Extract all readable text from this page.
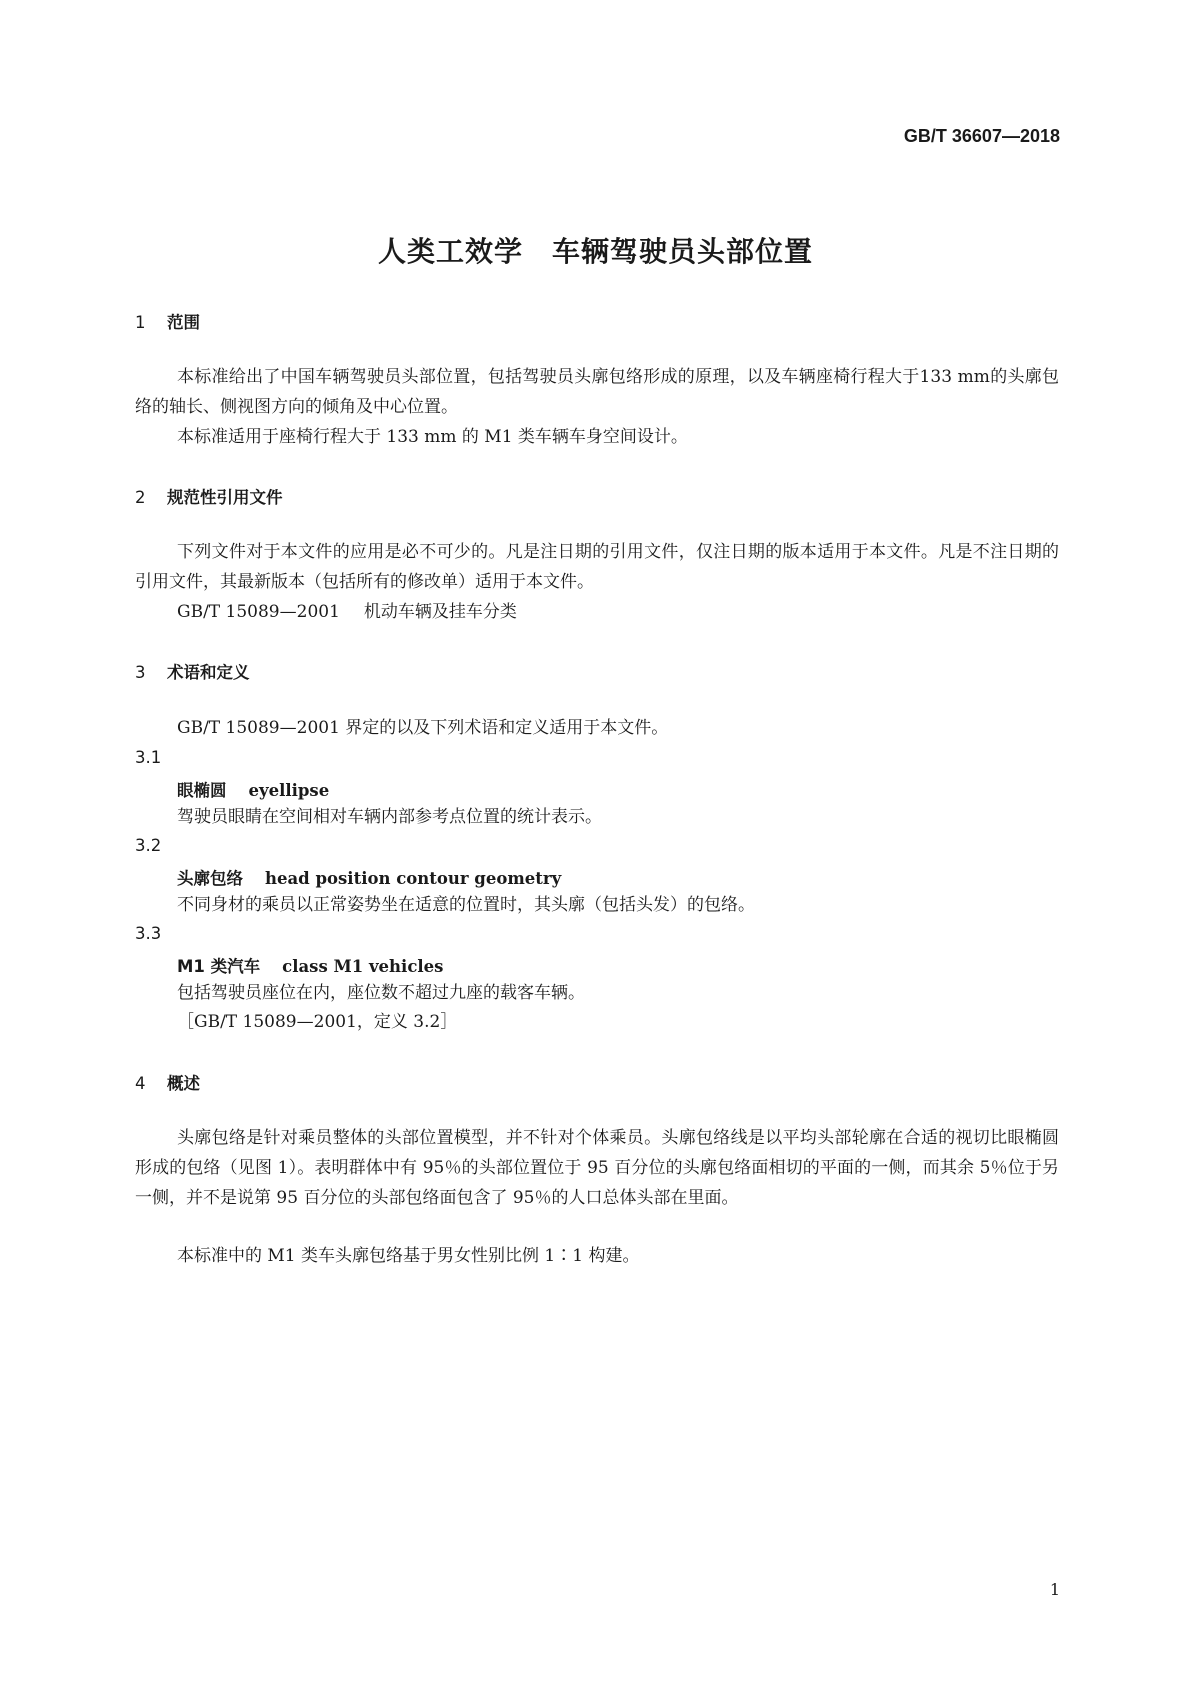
GB/T 36607—2018
人类工效学　车辆驾驶员头部位置
1 范围
本标准给出了中国车辆驾驶员头部位置，包括驾驶员头廓包络形成的原理，以及车辆座椅行程大于133 mm的头廓包络的轴长、侧视图方向的倾角及中心位置。
本标准适用于座椅行程大于 133 mm 的 M1 类车辆车身空间设计。
2 规范性引用文件
下列文件对于本文件的应用是必不可少的。凡是注日期的引用文件，仅注日期的版本适用于本文件。凡是不注日期的引用文件，其最新版本（包括所有的修改单）适用于本文件。
GB/T 15089—2001 机动车辆及挂车分类
3 术语和定义
GB/T 15089—2001 界定的以及下列术语和定义适用于本文件。
3.1
眼椭圆 eyellipse
驾驶员眼睛在空间相对车辆内部参考点位置的统计表示。
3.2
头廓包络 head position contour geometry
不同身材的乘员以正常姿势坐在适意的位置时，其头廓（包括头发）的包络。
3.3
M1 类汽车 class M1 vehicles
包括驾驶员座位在内，座位数不超过九座的载客车辆。
［GB/T 15089—2001，定义 3.2］
4 概述
头廓包络是针对乘员整体的头部位置模型，并不针对个体乘员。头廓包络线是以平均头部轮廓在合适的视切比眼椭圆形成的包络（见图 1）。表明群体中有 95％的头部位置位于 95 百分位的头廓包络面相切的平面的一侧，而其余 5％位于另一侧，并不是说第 95 百分位的头部包络面包含了 95％的人口总体头部在里面。
本标准中的 M1 类车头廓包络基于男女性别比例 1∶1 构建。
1
